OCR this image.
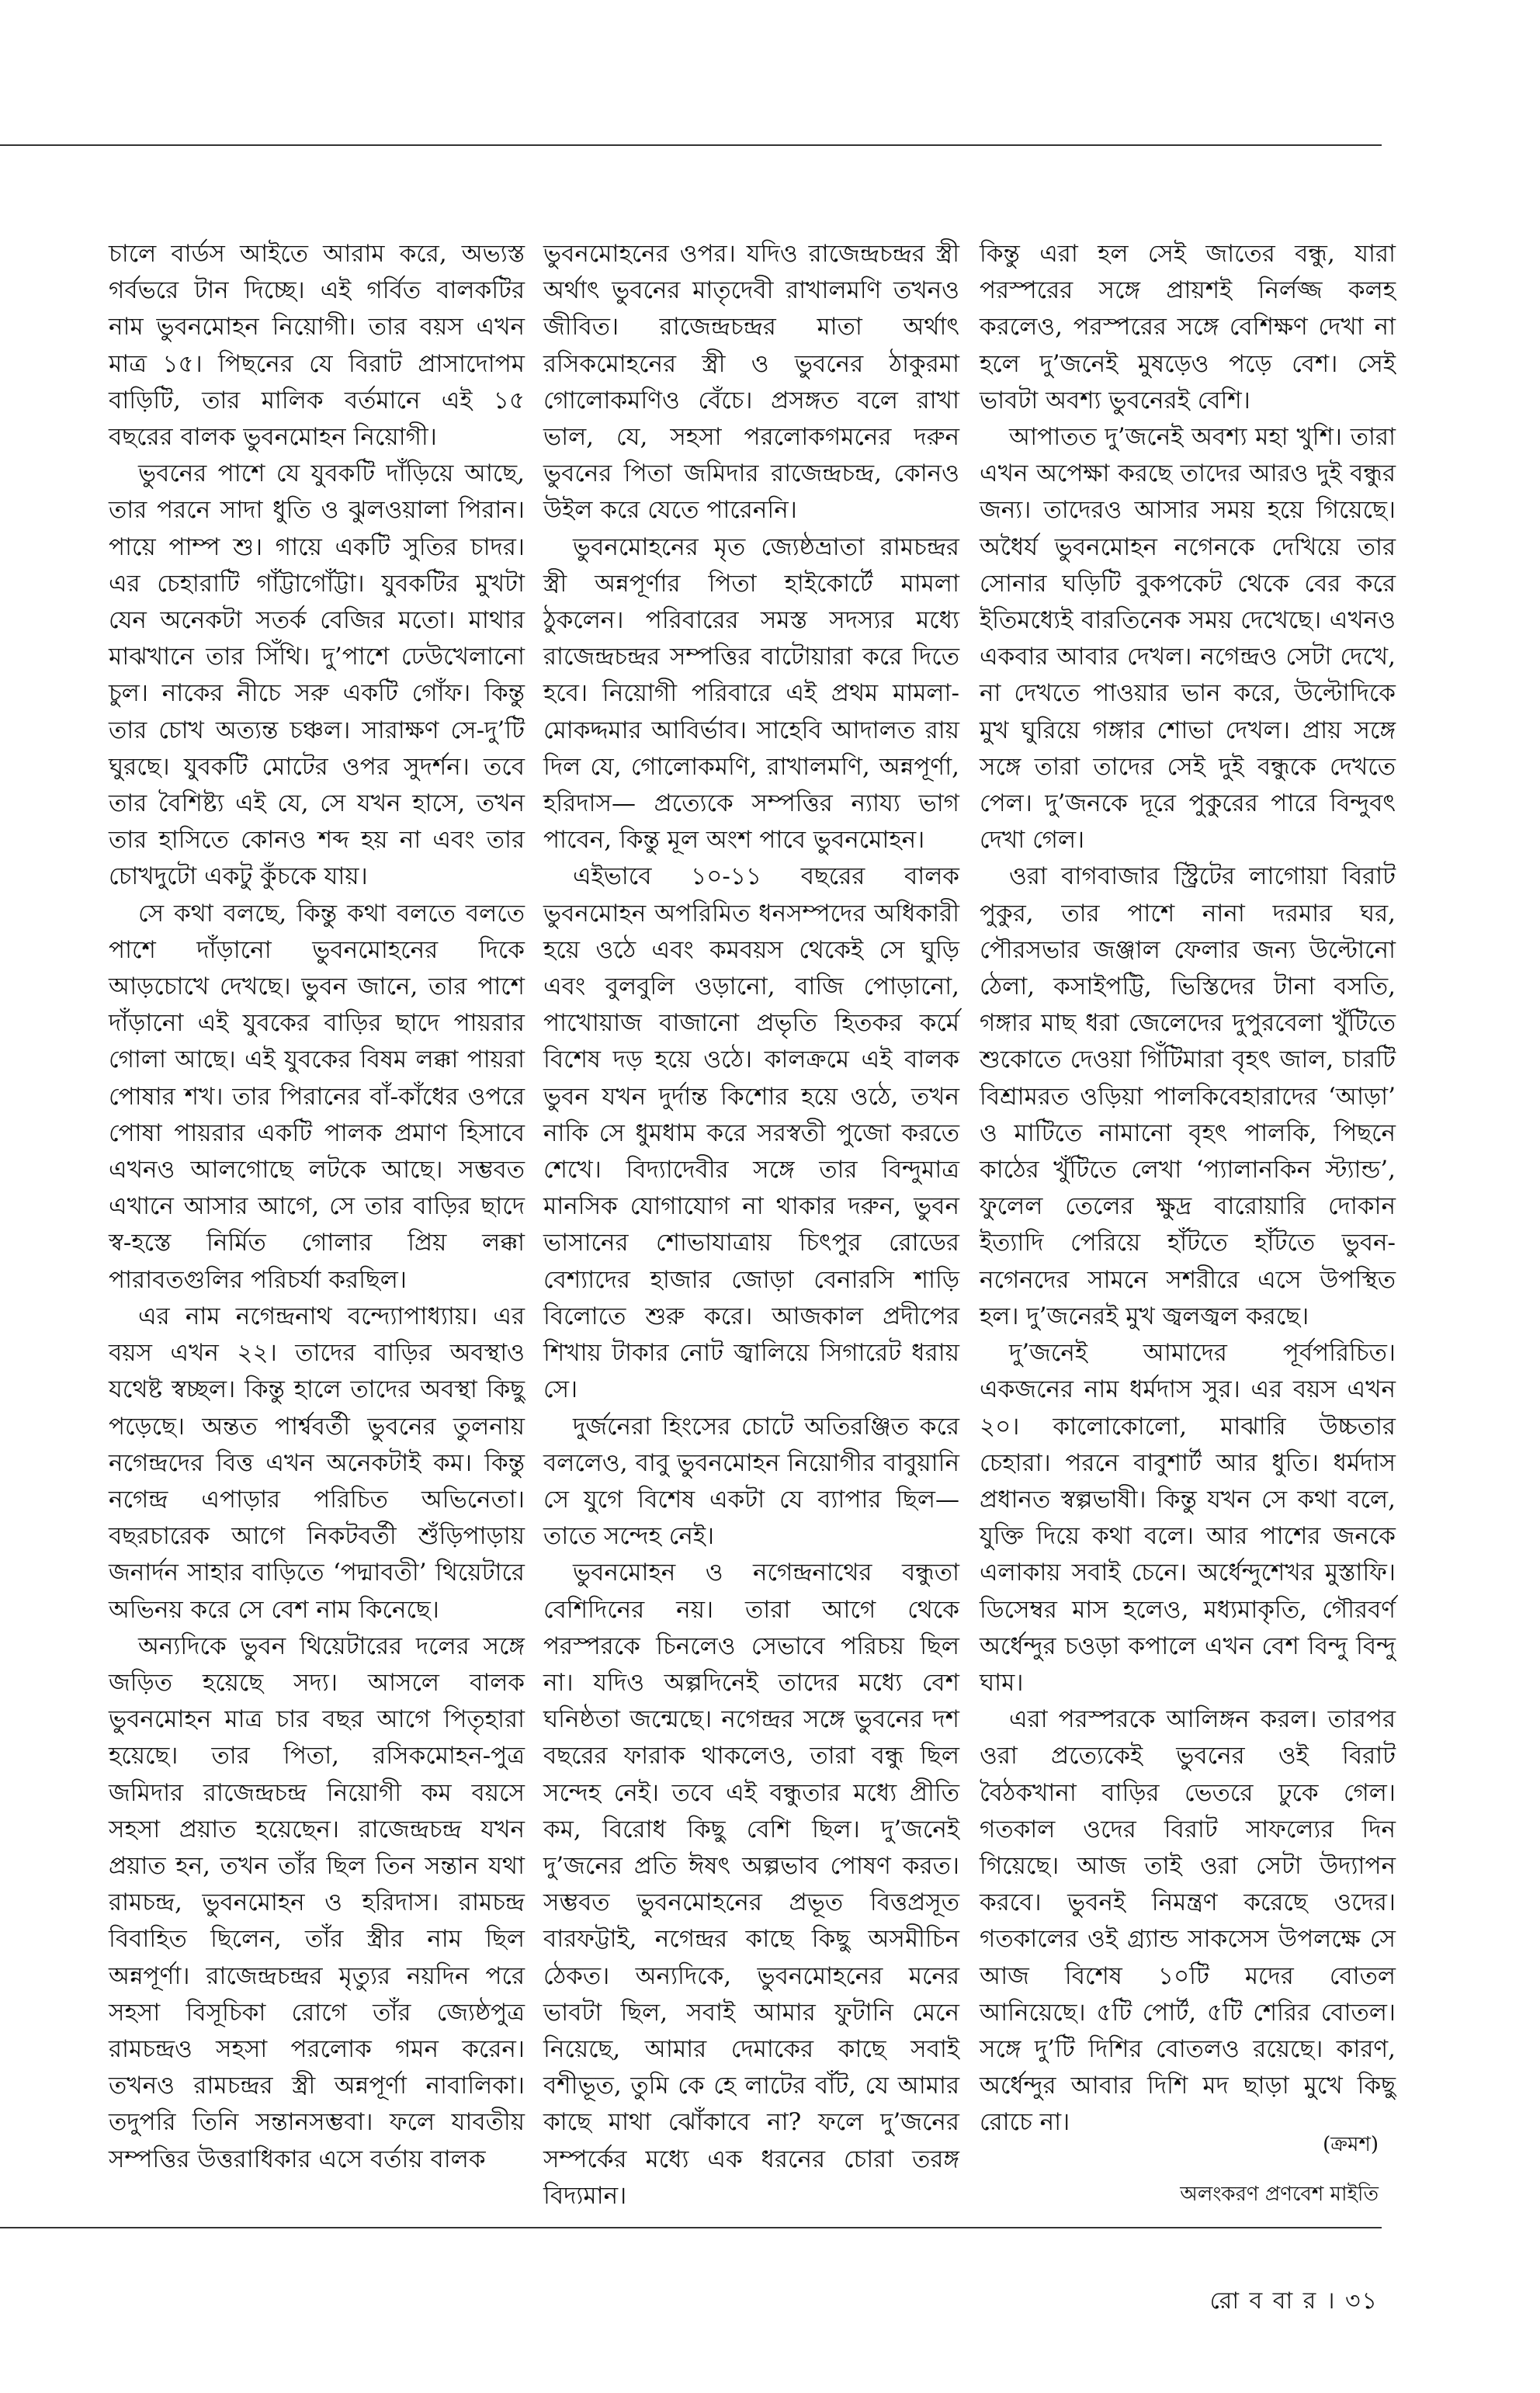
চালে বার্ডস আইতে আরাম করে, অভ্যস্ত গর্বভরে টান দিচ্ছে। এই গর্বিত বালকটির নাম ভুবনমোহন নিয়োগী। তার বয়স এখন মাত্র ১৫। পিছনের যে বিরাট প্রাসাদোপম বাড়িটি, তার মালিক বর্তমানে এই ১৫ বছরের বালক ভুবনমোহন নিয়োগী।

ভুবনের পাশে যে যুবকটি দাঁড়িয়ে আছে, তার পরনে সাদা ধুতি ও ঝুলওয়ালা পিরান। পায়ে পাম্প শু। গায়ে একটি সুতির চাদর। এর চেহারাটি গাঁট্টাগোঁট্টা। যুবকটির মুখটা যেন অনেকটা সতর্ক বেজির মতো। মাথার মাঝখানে তার সিঁথি। দু’পাশে ঢেউখেলানো চুল। নাকের নীচে সরু একটি গোঁফ। কিন্তু তার চোখ অত্যন্ত চঞ্চল। সারাক্ষণ সে-দু’টি ঘুরছে। যুবকটি মোটের ওপর সুদর্শন। তবে তার বৈশিষ্ট্য এই যে, সে যখন হাসে, তখন তার হাসিতে কোনও শব্দ হয় না এবং তার চোখদুটো একটু কুঁচকে যায়।

সে কথা বলছে, কিন্তু কথা বলতে বলতে পাশে দাঁড়ানো ভুবনমোহনের দিকে আড়চোখে দেখছে। ভুবন জানে, তার পাশে দাঁড়ানো এই যুবকের বাড়ির ছাদে পায়রার গোলা আছে। এই যুবকের বিষম লক্কা পায়রা পোষার শখ। তার পিরানের বাঁ-কাঁধের ওপরে পোষা পায়রার একটি পালক প্রমাণ হিসাবে এখনও আলগোছে লটকে আছে। সম্ভবত এখানে আসার আগে, সে তার বাড়ির ছাদে স্ব-হস্তে নির্মিত গোলার প্রিয় লক্কা পারাবতগুলির পরিচর্যা করছিল।

এর নাম নগেন্দ্রনাথ বন্দ্যোপাধ্যায়। এর বয়স এখন ২২। তাদের বাড়ির অবস্থাও যথেষ্ট স্বচ্ছল। কিন্তু হালে তাদের অবস্থা কিছু পড়েছে। অন্তত পার্শ্ববর্তী ভুবনের তুলনায় নগেন্দ্রদের বিত্ত এখন অনেকটাই কম। কিন্তু নগেন্দ্র এপাড়ার পরিচিত অভিনেতা। বছরচারেক আগে নিকটবর্তী শুঁড়িপাড়ায় জনার্দন সাহার বাড়িতে ‘পদ্মাবতী’ থিয়েটারে অভিনয় করে সে বেশ নাম কিনেছে।

অন্যদিকে ভুবন থিয়েটারের দলের সঙ্গে জড়িত হয়েছে সদ্য। আসলে বালক ভুবনমোহন মাত্র চার বছর আগে পিতৃহারা হয়েছে। তার পিতা, রসিকমোহন-পুত্র জমিদার রাজেন্দ্রচন্দ্র নিয়োগী কম বয়সে সহসা প্রয়াত হয়েছেন। রাজেন্দ্রচন্দ্র যখন প্রয়াত হন, তখন তাঁর ছিল তিন সন্তান যথা রামচন্দ্র, ভুবনমোহন ও হরিদাস। রামচন্দ্র বিবাহিত ছিলেন, তাঁর স্ত্রীর নাম ছিল অন্নপূর্ণা। রাজেন্দ্রচন্দ্রর মৃত্যুর নয়দিন পরে সহসা বিসূচিকা রোগে তাঁর জ্যেষ্ঠপুত্র রামচন্দ্রও সহসা পরলোক গমন করেন। তখনও রামচন্দ্রর স্ত্রী অন্নপূর্ণা নাবালিকা। তদুপরি তিনি সন্তানসম্ভবা। ফলে যাবতীয় সম্পত্তির উত্তরাধিকার এসে বর্তায় বালক

ভুবনমোহনের ওপর। যদিও রাজেন্দ্রচন্দ্রর স্ত্রী অর্থাৎ ভুবনের মাতৃদেবী রাখালমণি তখনও জীবিত। রাজেন্দ্রচন্দ্রর মাতা অর্থাৎ রসিকমোহনের স্ত্রী ও ভুবনের ঠাকুরমা গোলোকমণিও বেঁচে। প্রসঙ্গত বলে রাখা ভাল, যে, সহসা পরলোকগমনের দরুন ভুবনের পিতা জমিদার রাজেন্দ্রচন্দ্র, কোনও উইল করে যেতে পারেননি।

ভুবনমোহনের মৃত জ্যেষ্ঠভ্রাতা রামচন্দ্রর স্ত্রী অন্নপূর্ণার পিতা হাইকোর্টে মামলা ঠুকলেন। পরিবারের সমস্ত সদস্যর মধ্যে রাজেন্দ্রচন্দ্রর সম্পত্তির বাটোয়ারা করে দিতে হবে। নিয়োগী পরিবারে এই প্রথম মামলা-মোকদ্দমার আবির্ভাব। সাহেবি আদালত রায় দিল যে, গোলোকমণি, রাখালমণি, অন্নপূর্ণা, হরিদাস— প্রত্যেকে সম্পত্তির ন্যায্য ভাগ পাবেন, কিন্তু মূল অংশ পাবে ভুবনমোহন।

এইভাবে ১০-১১ বছরের বালক ভুবনমোহন অপরিমিত ধনসম্পদের অধিকারী হয়ে ওঠে এবং কমবয়স থেকেই সে ঘুড়ি এবং বুলবুলি ওড়ানো, বাজি পোড়ানো, পাখোয়াজ বাজানো প্রভৃতি হিতকর কর্মে বিশেষ দড় হয়ে ওঠে। কালক্রমে এই বালক ভুবন যখন দুর্দান্ত কিশোর হয়ে ওঠে, তখন নাকি সে ধুমধাম করে সরস্বতী পুজো করতে শেখে। বিদ্যাদেবীর সঙ্গে তার বিন্দুমাত্র মানসিক যোগাযোগ না থাকার দরুন, ভুবন ভাসানের শোভাযাত্রায় চিৎপুর রোডের বেশ্যাদের হাজার জোড়া বেনারসি শাড়ি বিলোতে শুরু করে। আজকাল প্রদীপের শিখায় টাকার নোট জ্বালিয়ে সিগারেট ধরায় সে।

দুর্জনেরা হিংসের চোটে অতিরঞ্জিত করে বললেও, বাবু ভুবনমোহন নিয়োগীর বাবুয়ানি সে যুগে বিশেষ একটা যে ব্যাপার ছিল— তাতে সন্দেহ নেই।

ভুবনমোহন ও নগেন্দ্রনাথের বন্ধুতা বেশিদিনের নয়। তারা আগে থেকে পরস্পরকে চিনলেও সেভাবে পরিচয় ছিল না। যদিও অল্পদিনেই তাদের মধ্যে বেশ ঘনিষ্ঠতা জন্মেছে। নগেন্দ্রর সঙ্গে ভুবনের দশ বছরের ফারাক থাকলেও, তারা বন্ধু ছিল সন্দেহ নেই। তবে এই বন্ধুতার মধ্যে প্রীতি কম, বিরোধ কিছু বেশি ছিল। দু’জনেই দু’জনের প্রতি ঈষৎ অল্পভাব পোষণ করত। সম্ভবত ভুবনমোহনের প্রভূত বিত্তপ্রসূত বারফট্টাই, নগেন্দ্রর কাছে কিছু অসমীচিন ঠেকত। অন্যদিকে, ভুবনমোহনের মনের ভাবটা ছিল, সবাই আমার ফুটানি মেনে নিয়েছে, আমার দেমাকের কাছে সবাই বশীভূত, তুমি কে হে লাটের বাঁট, যে আমার কাছে মাথা ঝোঁকাবে না? ফলে দু’জনের সম্পর্কের মধ্যে এক ধরনের চোরা তরঙ্গ বিদ্যমান।

কিন্তু এরা হল সেই জাতের বন্ধু, যারা পরস্পরের সঙ্গে প্রায়শই নির্লজ্জ কলহ করলেও, পরস্পরের সঙ্গে বেশিক্ষণ দেখা না হলে দু’জনেই মুষড়েও পড়ে বেশ। সেই ভাবটা অবশ্য ভুবনেরই বেশি।

আপাতত দু’জনেই অবশ্য মহা খুশি। তারা এখন অপেক্ষা করছে তাদের আরও দুই বন্ধুর জন্য। তাদেরও আসার সময় হয়ে গিয়েছে। অধৈর্য ভুবনমোহন নগেনকে দেখিয়ে তার সোনার ঘড়িটি বুকপকেট থেকে বের করে ইতিমধ্যেই বারতিনেক সময় দেখেছে। এখনও একবার আবার দেখল। নগেন্দ্রও সেটা দেখে, না দেখতে পাওয়ার ভান করে, উল্টোদিকে মুখ ঘুরিয়ে গঙ্গার শোভা দেখল। প্রায় সঙ্গে সঙ্গে তারা তাদের সেই দুই বন্ধুকে দেখতে পেল। দু’জনকে দূরে পুকুরের পারে বিন্দুবৎ দেখা গেল।

ওরা বাগবাজার স্ট্রিটের লাগোয়া বিরাট পুকুর, তার পাশে নানা দরমার ঘর, পৌরসভার জঞ্জাল ফেলার জন্য উল্টোনো ঠেলা, কসাইপট্টি, ভিস্তিদের টানা বসতি, গঙ্গার মাছ ধরা জেলেদের দুপুরবেলা খুঁটিতে শুকোতে দেওয়া গিঁটিমারা বৃহৎ জাল, চারটি বিশ্রামরত ওড়িয়া পালকিবেহারাদের ‘আড়া’ ও মাটিতে নামানো বৃহৎ পালকি, পিছনে কাঠের খুঁটিতে লেখা ‘প্যালানকিন স্ট্যান্ড’, ফুলেল তেলের ক্ষুদ্র বারোয়ারি দোকান ইত্যাদি পেরিয়ে হাঁটতে হাঁটতে ভুবন-নগেনদের সামনে সশরীরে এসে উপস্থিত হল। দু’জনেরই মুখ জ্বলজ্বল করছে।

দু’জনেই আমাদের পূর্বপরিচিত। একজনের নাম ধর্মদাস সুর। এর বয়স এখন ২০। কালোকোলো, মাঝারি উচ্চতার চেহারা। পরনে বাবুশার্ট আর ধুতি। ধর্মদাস প্রধানত স্বল্পভাষী। কিন্তু যখন সে কথা বলে, যুক্তি দিয়ে কথা বলে। আর পাশের জনকে এলাকায় সবাই চেনে। অর্ধেন্দুশেখর মুস্তাফি। ডিসেম্বর মাস হলেও, মধ্যমাকৃতি, গৌরবর্ণ অর্ধেন্দুর চওড়া কপালে এখন বেশ বিন্দু বিন্দু ঘাম।

এরা পরস্পরকে আলিঙ্গন করল। তারপর ওরা প্রত্যেকেই ভুবনের ওই বিরাট বৈঠকখানা বাড়ির ভেতরে ঢুকে গেল। গতকাল ওদের বিরাট সাফল্যের দিন গিয়েছে। আজ তাই ওরা সেটা উদ্যাপন করবে। ভুবনই নিমন্ত্রণ করেছে ওদের। গতকালের ওই গ্র্যান্ড সাকসেস উপলক্ষে সে আজ বিশেষ ১০টি মদের বোতল আনিয়েছে। ৫টি পোর্ট, ৫টি শেরির বোতল। সঙ্গে দু’টি দিশির বোতলও রয়েছে। কারণ, অর্ধেন্দুর আবার দিশি মদ ছাড়া মুখে কিছু রোচে না।

(ক্রমশ)
অলংকরণ প্রণবেশ মাইতি
রো ব বা র । ৩১
